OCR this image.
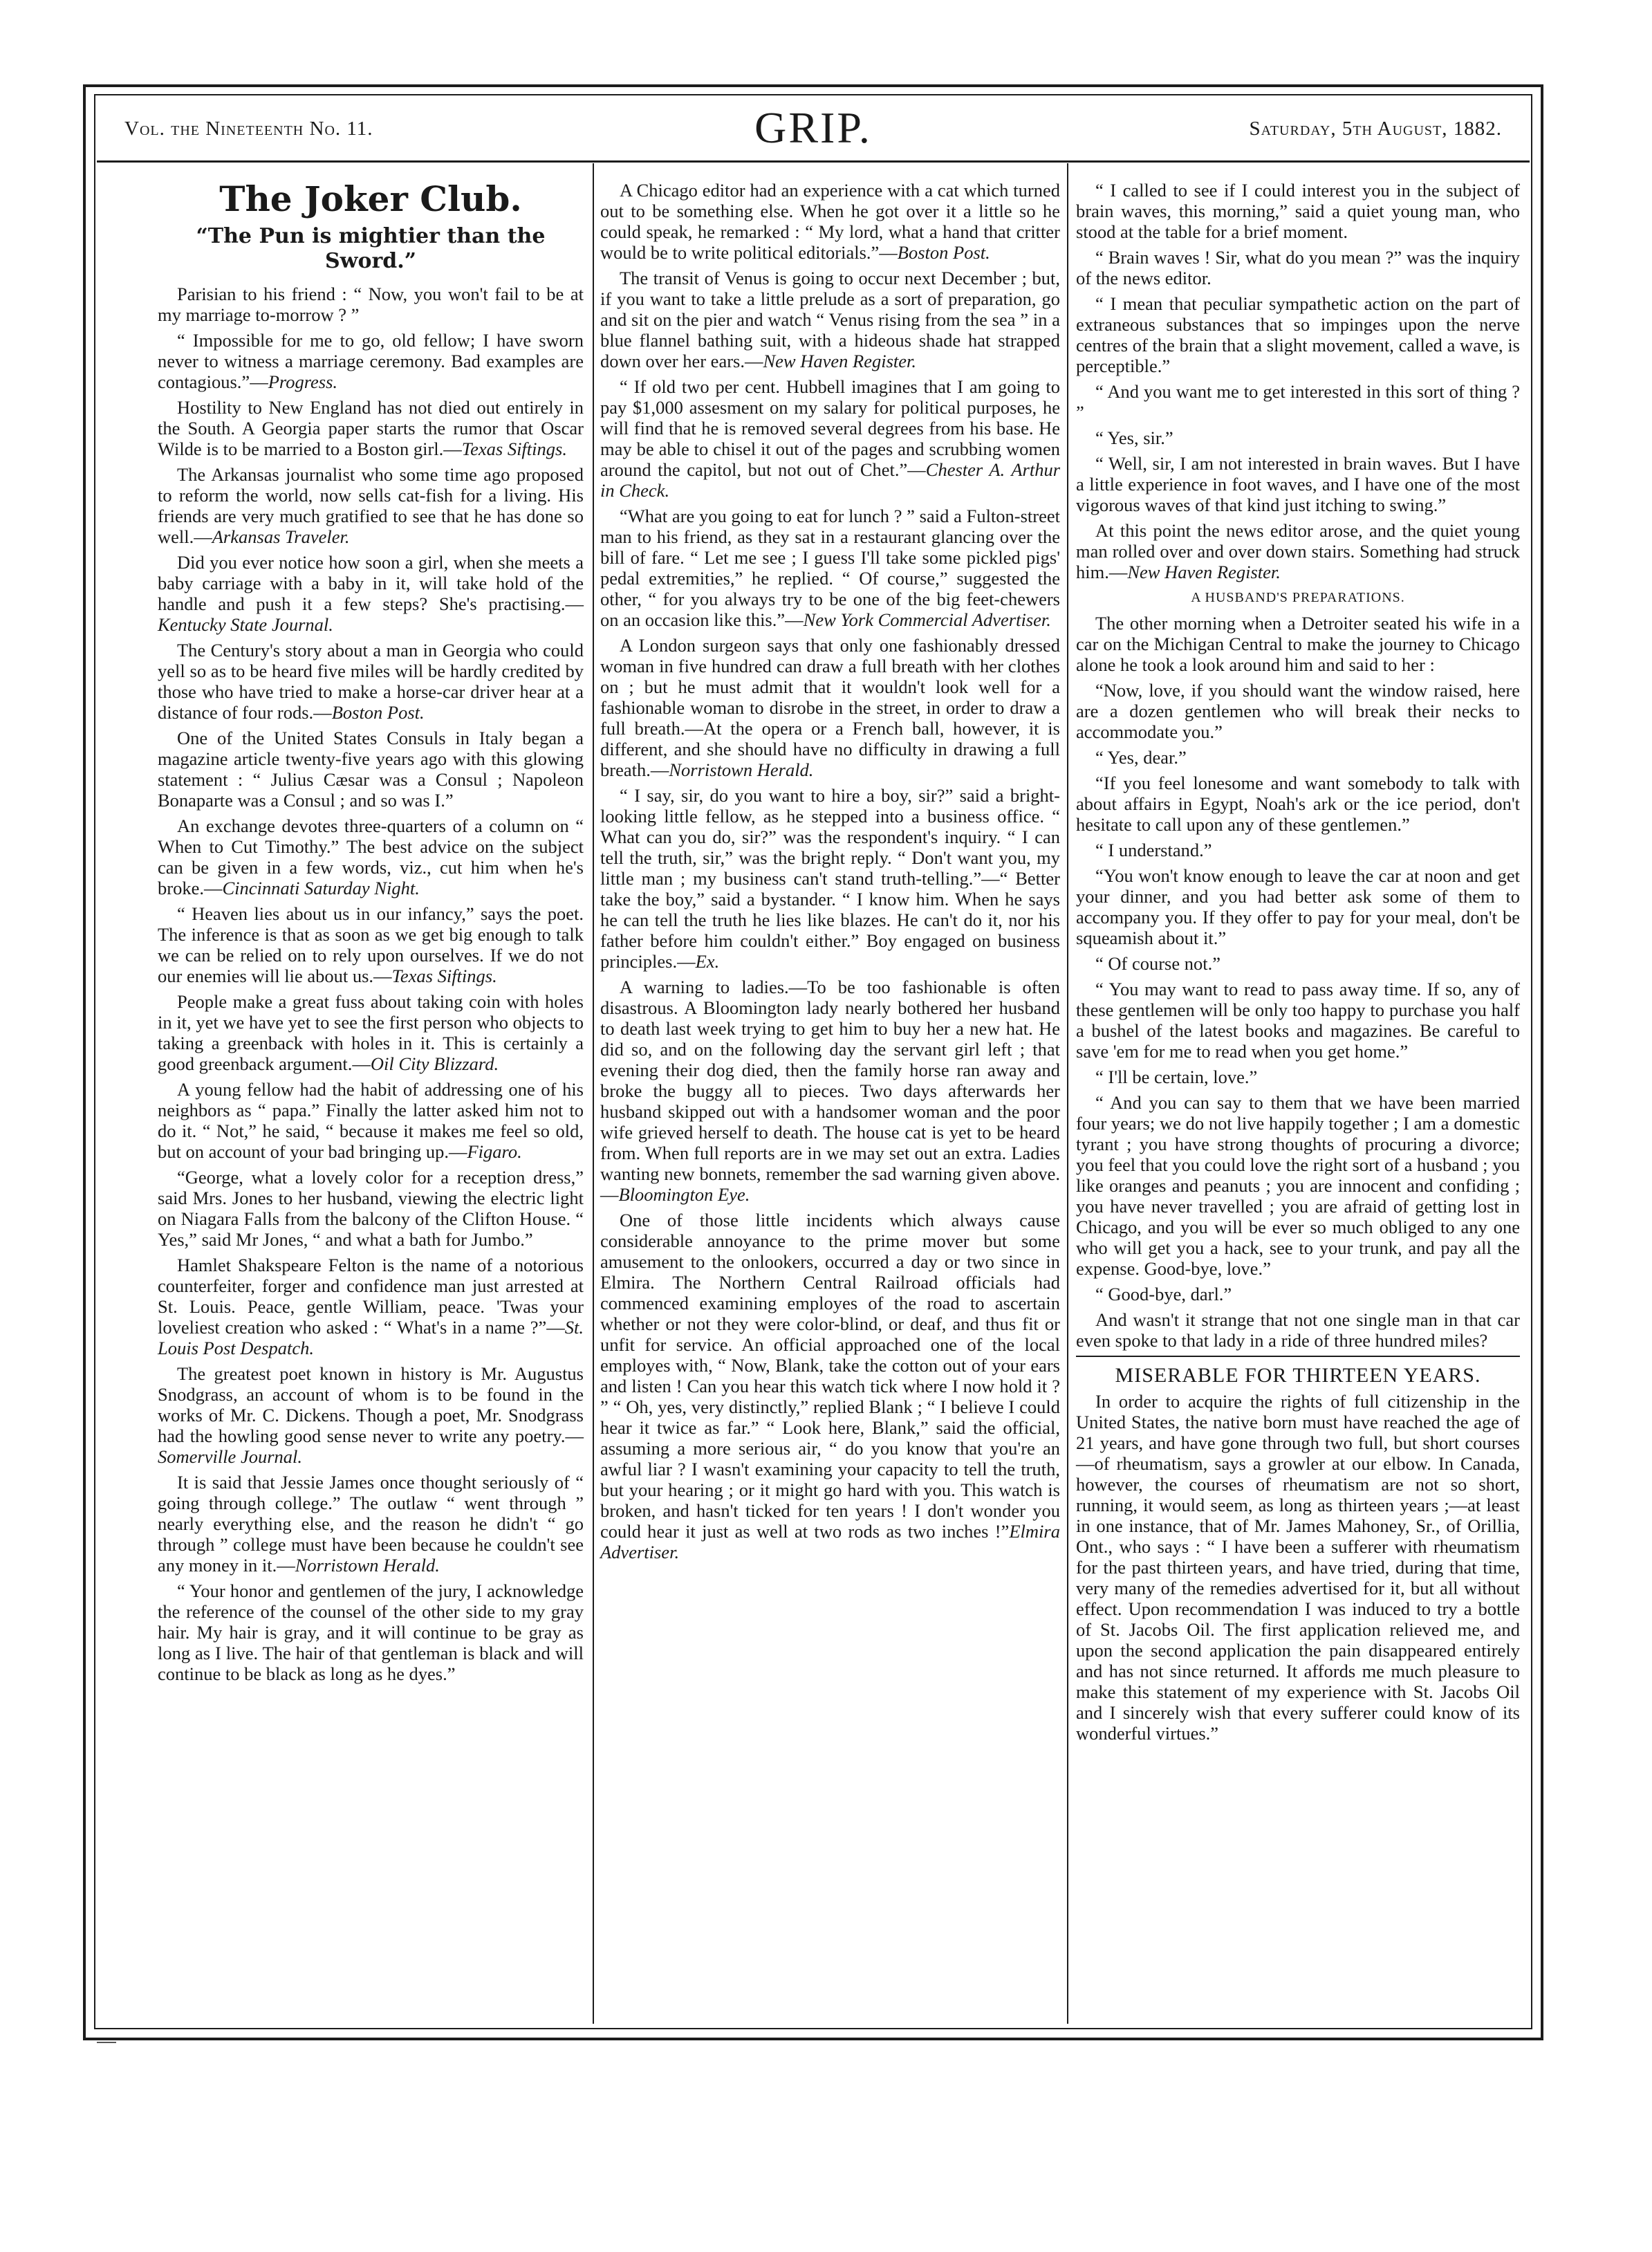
Vol. the Nineteenth No. 11.	GRIP.	Saturday, 5th August, 1882.
The Joker Club.
“The Pun is mightier than the Sword.”

Parisian to his friend : “ Now, you won't fail to be at my marriage to-morrow ? ”

“ Impossible for me to go, old fellow; I have sworn never to witness a marriage ceremony. Bad examples are contagious.”—Progress.

Hostility to New England has not died out entirely in the South. A Georgia paper starts the rumor that Oscar Wilde is to be married to a Boston girl.—Texas Siftings.

The Arkansas journalist who some time ago proposed to reform the world, now sells cat-fish for a living. His friends are very much gratified to see that he has done so well.—Arkansas Traveler.

Did you ever notice how soon a girl, when she meets a baby carriage with a baby in it, will take hold of the handle and push it a few steps? She's practising.—Kentucky State Journal.

The Century's story about a man in Georgia who could yell so as to be heard five miles will be hardly credited by those who have tried to make a horse-car driver hear at a distance of four rods.—Boston Post.

One of the United States Consuls in Italy began a magazine article twenty-five years ago with this glowing statement : “ Julius Cæsar was a Consul ; Napoleon Bonaparte was a Consul ; and so was I.”

An exchange devotes three-quarters of a column on “ When to Cut Timothy.” The best advice on the subject can be given in a few words, viz., cut him when he's broke.—Cincinnati Saturday Night.

“ Heaven lies about us in our infancy,” says the poet. The inference is that as soon as we get big enough to talk we can be relied on to rely upon ourselves. If we do not our enemies will lie about us.—Texas Siftings.

People make a great fuss about taking coin with holes in it, yet we have yet to see the first person who objects to taking a greenback with holes in it. This is certainly a good greenback argument.—Oil City Blizzard.

A young fellow had the habit of addressing one of his neighbors as “ papa.” Finally the latter asked him not to do it. “ Not,” he said, “ because it makes me feel so old, but on account of your bad bringing up.—Figaro.

“George, what a lovely color for a reception dress,” said Mrs. Jones to her husband, viewing the electric light on Niagara Falls from the balcony of the Clifton House. “ Yes,” said Mr Jones, “ and what a bath for Jumbo.”

Hamlet Shakspeare Felton is the name of a notorious counterfeiter, forger and confidence man just arrested at St. Louis. Peace, gentle William, peace. 'Twas your loveliest creation who asked : “ What's in a name ?”—St. Louis Post Despatch.

The greatest poet known in history is Mr. Augustus Snodgrass, an account of whom is to be found in the works of Mr. C. Dickens. Though a poet, Mr. Snodgrass had the howling good sense never to write any poetry.—Somerville Journal.

It is said that Jessie James once thought seriously of “ going through college.” The outlaw “ went through ” nearly everything else, and the reason he didn't “ go through ” college must have been because he couldn't see any money in it.—Norristown Herald.

“ Your honor and gentlemen of the jury, I acknowledge the reference of the counsel of the other side to my gray hair. My hair is gray, and it will continue to be gray as long as I live. The hair of that gentleman is black and will continue to be black as long as he dyes.”

A Chicago editor had an experience with a cat which turned out to be something else. When he got over it a little so he could speak, he remarked : “ My lord, what a hand that critter would be to write political editorials.”—Boston Post.

The transit of Venus is going to occur next December ; but, if you want to take a little prelude as a sort of preparation, go and sit on the pier and watch “ Venus rising from the sea ” in a blue flannel bathing suit, with a hideous shade hat strapped down over her ears.—New Haven Register.

“ If old two per cent. Hubbell imagines that I am going to pay $1,000 assesment on my salary for political purposes, he will find that he is removed several degrees from his base. He may be able to chisel it out of the pages and scrubbing women around the capitol, but not out of Chet.”—Chester A. Arthur in Check.

“What are you going to eat for lunch ? ” said a Fulton-street man to his friend, as they sat in a restaurant glancing over the bill of fare. “ Let me see ; I guess I'll take some pickled pigs' pedal extremities,” he replied. “ Of course,” suggested the other, “ for you always try to be one of the big feet-chewers on an occasion like this.”—New York Commercial Advertiser.

A London surgeon says that only one fashionably dressed woman in five hundred can draw a full breath with her clothes on ; but he must admit that it wouldn't look well for a fashionable woman to disrobe in the street, in order to draw a full breath.—At the opera or a French ball, however, it is different, and she should have no difficulty in drawing a full breath.—Norristown Herald.

“ I say, sir, do you want to hire a boy, sir?” said a bright-looking little fellow, as he stepped into a business office. “ What can you do, sir?” was the respondent's inquiry. “ I can tell the truth, sir,” was the bright reply. “ Don't want you, my little man ; my business can't stand truth-telling.”—“ Better take the boy,” said a bystander. “ I know him. When he says he can tell the truth he lies like blazes. He can't do it, nor his father before him couldn't either.” Boy engaged on business principles.—Ex.

A warning to ladies.—To be too fashionable is often disastrous. A Bloomington lady nearly bothered her husband to death last week trying to get him to buy her a new hat. He did so, and on the following day the servant girl left ; that evening their dog died, then the family horse ran away and broke the buggy all to pieces. Two days afterwards her husband skipped out with a handsomer woman and the poor wife grieved herself to death. The house cat is yet to be heard from. When full reports are in we may set out an extra. Ladies wanting new bonnets, remember the sad warning given above.—Bloomington Eye.

One of those little incidents which always cause considerable annoyance to the prime mover but some amusement to the onlookers, occurred a day or two since in Elmira. The Northern Central Railroad officials had commenced examining employes of the road to ascertain whether or not they were color-blind, or deaf, and thus fit or unfit for service. An official approached one of the local employes with, “ Now, Blank, take the cotton out of your ears and listen ! Can you hear this watch tick where I now hold it ? ” “ Oh, yes, very distinctly,” replied Blank ; “ I believe I could hear it twice as far.” “ Look here, Blank,” said the official, assuming a more serious air, “ do you know that you're an awful liar ? I wasn't examining your capacity to tell the truth, but your hearing ; or it might go hard with you. This watch is broken, and hasn't ticked for ten years ! I don't wonder you could hear it just as well at two rods as two inches !”Elmira Advertiser.

“ I called to see if I could interest you in the subject of brain waves, this morning,” said a quiet young man, who stood at the table for a brief moment.

“ Brain waves ! Sir, what do you mean ?” was the inquiry of the news editor.

“ I mean that peculiar sympathetic action on the part of extraneous substances that so impinges upon the nerve centres of the brain that a slight movement, called a wave, is perceptible.”

“ And you want me to get interested in this sort of thing ? ”

“ Yes, sir.”

“ Well, sir, I am not interested in brain waves. But I have a little experience in foot waves, and I have one of the most vigorous waves of that kind just itching to swing.”

At this point the news editor arose, and the quiet young man rolled over and over down stairs. Something had struck him.—New Haven Register.

A HUSBAND'S PREPARATIONS.

The other morning when a Detroiter seated his wife in a car on the Michigan Central to make the journey to Chicago alone he took a look around him and said to her :

“Now, love, if you should want the window raised, here are a dozen gentlemen who will break their necks to accommodate you.”

“ Yes, dear.”

“If you feel lonesome and want somebody to talk with about affairs in Egypt, Noah's ark or the ice period, don't hesitate to call upon any of these gentlemen.”

“ I understand.”

“You won't know enough to leave the car at noon and get your dinner, and you had better ask some of them to accompany you. If they offer to pay for your meal, don't be squeamish about it.”

“ Of course not.”

“ You may want to read to pass away time. If so, any of these gentlemen will be only too happy to purchase you half a bushel of the latest books and magazines. Be careful to save 'em for me to read when you get home.”

“ I'll be certain, love.”

“ And you can say to them that we have been married four years; we do not live happily together ; I am a domestic tyrant ; you have strong thoughts of procuring a divorce; you feel that you could love the right sort of a husband ; you like oranges and peanuts ; you are innocent and confiding ; you have never travelled ; you are afraid of getting lost in Chicago, and you will be ever so much obliged to any one who will get you a hack, see to your trunk, and pay all the expense. Good-bye, love.”

“ Good-bye, darl.”

And wasn't it strange that not one single man in that car even spoke to that lady in a ride of three hundred miles?

MISERABLE FOR THIRTEEN YEARS.

In order to acquire the rights of full citizenship in the United States, the native born must have reached the age of 21 years, and have gone through two full, but short courses —of rheumatism, says a growler at our elbow. In Canada, however, the courses of rheumatism are not so short, running, it would seem, as long as thirteen years ;—at least in one instance, that of Mr. James Mahoney, Sr., of Orillia, Ont., who says : “ I have been a sufferer with rheumatism for the past thirteen years, and have tried, during that time, very many of the remedies advertised for it, but all without effect. Upon recommendation I was induced to try a bottle of St. Jacobs Oil. The first application relieved me, and upon the second application the pain disappeared entirely and has not since returned. It affords me much pleasure to make this statement of my experience with St. Jacobs Oil and I sincerely wish that every sufferer could know of its wonderful virtues.”
